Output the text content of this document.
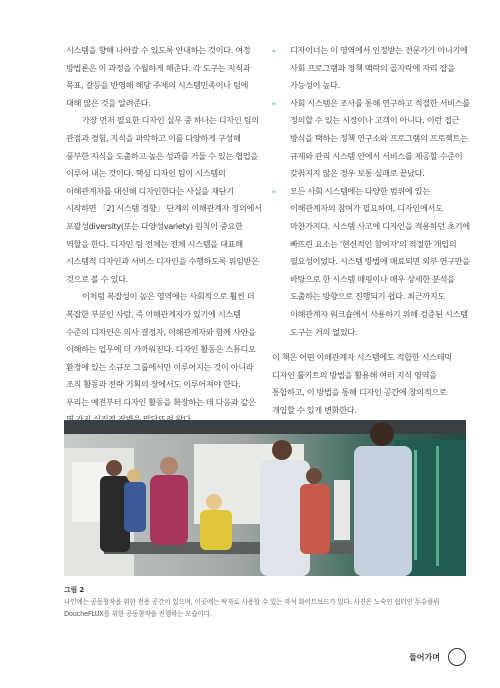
시스템을 향해 나아갈 수 있도록 안내하는 것이다. 여정 방법론은 이 과정을 수월하게 해준다. 각 도구는 지식과 목표, 갈등을 반영해 해당 주제의 시스템민족이나 팀에 대해 많은 것을 알려준다.

가장 먼저 필요한 디자인 실무 중 하나는 디자인 팀의 관점과 경험, 지식을 파악하고 이를 다양하게 구성해 풍부한 지식을 도출하고 높은 성과를 거둘 수 있는 협업을 이루어 내는 것이다. 핵심 디자인 팀이 시스템의 이해관계자를 대신해 디자인한다는 사실을 재단기 시작하면 「2] 시스템 경향」 단계의 이해관계자 정의에서 포괄성diversity(또는 다양성variety) 원칙이 중요한 역할을 한다. 디자인 팀 전체는 전체 시스템을 대표해 시스템적 디자인과 서비스 디자인을 수행하도록 위임받은 것으로 볼 수 있다.

이처럼 복잡성이 높은 영역에는 사회적으로 훨씬 더 복잡한 부분인 사람, 즉 이해관계자가 있기에 시스템 수준의 디자인은 의사 결정자, 이해관계자와 함께 사안을 이해하는 업무에 더 가까워진다. 디자인 활동은 스튜디오 환경에 있는 소규모 그룹에서만 이루어지는 것이 아니라 조직 활동과 전략 기획의 장에서도 이루어져야 한다. 우리는 예전부터 디자인 활동을 확장하는 데 다음과 같은

- 디자이너는 이 영역에서 인정받는 전문가가 아니기에 사회 프로그램과 정책 맥락의 골자락에 자리 잡을 가능성이 높다.
- 사회 시스템은 조사를 통해 연구하고 적절한 서비스를 정의할 수 있는 시장이나 고객이 아니다. 이런 접근 방식을 택하는 정책 연구소와 프로그램의 프로젝트는 규제와 관리 시스템 안에서 서비스를 제공할 수준이 갖춰지지 않은 경우 보통 실패로 끝났다.
- 모든 사회 시스템에는 다양한 범위에 있는 이해관계자의 참여가 필요하며, 디자인에서도 마찬가지다. 시스템 사고에 디자인을 적용하던 초기에 빠뜨린 요소는 '현신적인 참여자'의 적절한 개입의 필요성이었다. 시스템 방법에 매료되면 외부 연구만을 바탕으로 한 시스템 매핑이나 매우 상세한 분석을 도출하는 방향으로 진행되기 쉽다. 최근까지도 이해관계자 워크숍에서 사용하기 위해 검증된 시스템 도구는 거의 없었다.

이 책은 어떤 이해관계자 시스템에도 적합한 시스테믹 디자인 툴키트의 방법을 활용해 여러 지식 영역을 통합하고, 이 방법을 통해 디자인 공간에 창의적으로 개입할 수 있게 변화한다.

그림 2
나인에는 공동창작을 위한 전용 공간이 있으며, 이곳에는 탁자로 사용할 수 있는 자석 화이트보드가 있다. 사진은 노숙인 쉼터인 두슈플뤼DoucheFLUX를 위한 공동창작을 진행하는 모습이다.
들어가며
